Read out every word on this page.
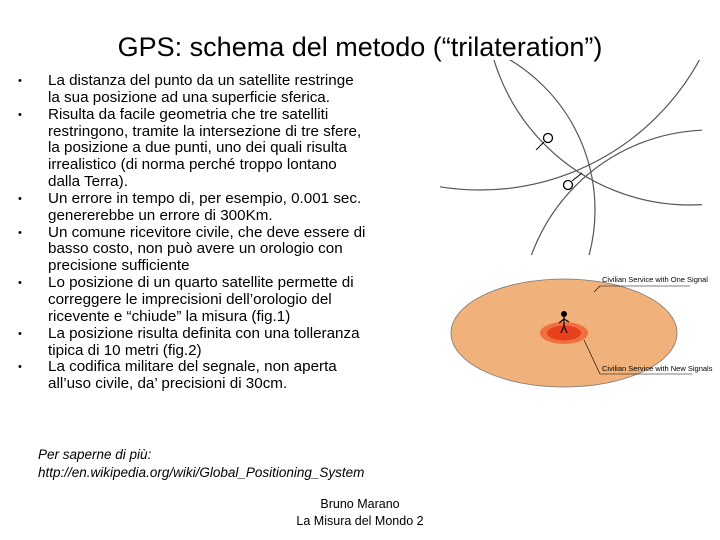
GPS: schema del metodo (“trilateration”)
• La distanza del punto da un satellite restringe
la sua posizione ad una superficie sferica.
• Risulta da facile geometria che tre satelliti
restringono, tramite la intersezione di tre sfere,
la posizione a due punti, uno dei quali risulta
irrealistico (di norma perché troppo lontano
dalla Terra).
• Un errore in tempo di, per esempio, 0.001 sec.
genererebbe un errore di 300Km.
• Un comune ricevitore civile, che deve essere di
basso costo, non può avere un orologio con
precisione sufficiente
• Lo posizione di un quarto satellite permette di
correggere le imprecisioni dell’orologio del
ricevente e “chiude” la misura (fig.1)
• La posizione risulta definita con una tolleranza
tipica di 10 metri (fig.2)
• La codifica militare del segnale, non aperta
all’uso civile, da’ precisioni di 30cm.
Civilian Service with One Signal
Civilian Service with New Signals
Per saperne di più:
http://en.wikipedia.org/wiki/Global_Positioning_System
Bruno Marano
La Misura del Mondo 2
